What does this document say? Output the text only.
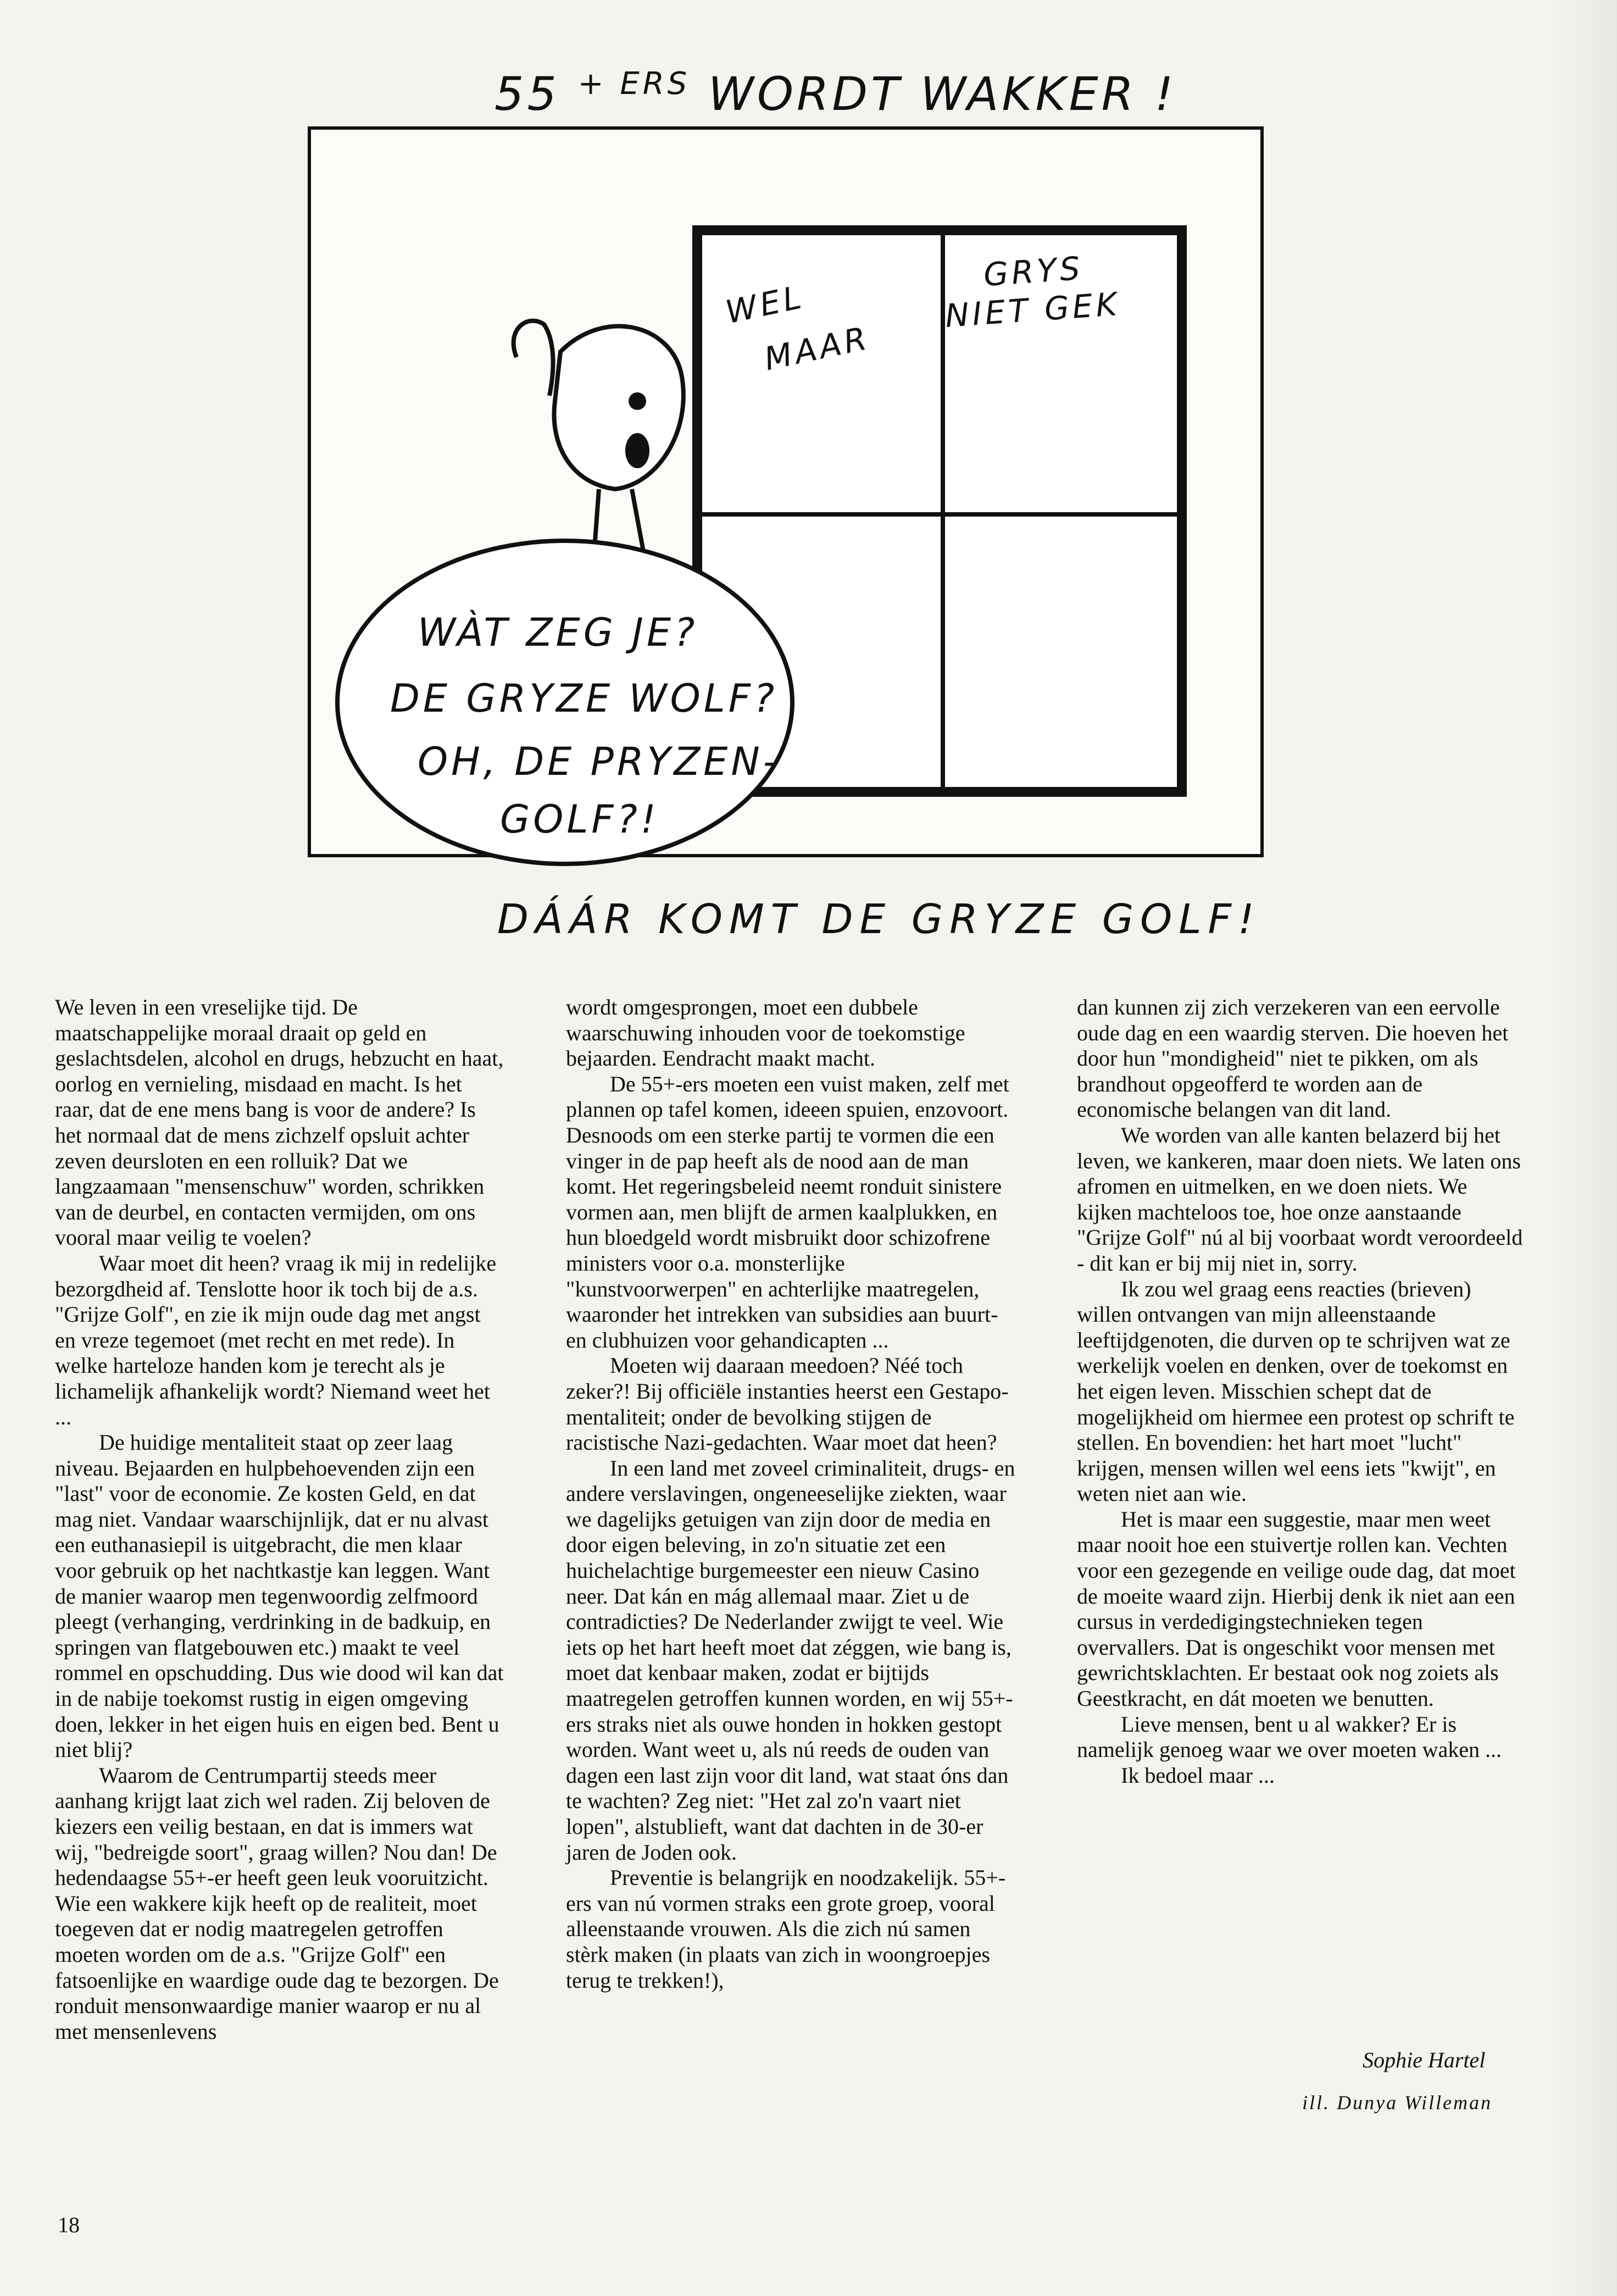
55 $^{+ ERS}$ WORDT WAKKER !
WEL
MAAR
GRYS
NIET GEK
WÀT ZEG JE?
DE GRYZE WOLF?
OH, DE PRYZEN-
GOLF?!
DÁÁR KOMT DE GRYZE GOLF!

We leven in een vreselijke tijd. De maatschappelijke moraal draait op geld en geslachtsdelen, alcohol en drugs, hebzucht en haat, oorlog en vernieling, misdaad en macht. Is het raar, dat de ene mens bang is voor de andere? Is het normaal dat de mens zichzelf opsluit achter zeven deursloten en een rolluik? Dat we langzaamaan "mensenschuw" worden, schrikken van de deurbel, en contacten vermijden, om ons vooral maar veilig te voelen?

Waar moet dit heen? vraag ik mij in redelijke bezorgdheid af. Tenslotte hoor ik toch bij de a.s. "Grijze Golf", en zie ik mijn oude dag met angst en vreze tegemoet (met recht en met rede). In welke harteloze handen kom je terecht als je lichamelijk afhankelijk wordt? Niemand weet het ...

De huidige mentaliteit staat op zeer laag niveau. Bejaarden en hulpbehoevenden zijn een "last" voor de economie. Ze kosten Geld, en dat mag niet. Vandaar waarschijnlijk, dat er nu alvast een euthanasiepil is uitgebracht, die men klaar voor gebruik op het nachtkastje kan leggen. Want de manier waarop men tegenwoordig zelfmoord pleegt (verhanging, verdrinking in de badkuip, en springen van flatgebouwen etc.) maakt te veel rommel en opschudding. Dus wie dood wil kan dat in de nabije toekomst rustig in eigen omgeving doen, lekker in het eigen huis en eigen bed. Bent u niet blij?

Waarom de Centrumpartij steeds meer aanhang krijgt laat zich wel raden. Zij beloven de kiezers een veilig bestaan, en dat is immers wat wij, "bedreigde soort", graag willen? Nou dan! De hedendaagse 55+-er heeft geen leuk vooruitzicht. Wie een wakkere kijk heeft op de realiteit, moet toegeven dat er nodig maatregelen getroffen moeten worden om de a.s. "Grijze Golf" een fatsoenlijke en waardige oude dag te bezorgen. De ronduit mensonwaardige manier waarop er nu al met mensenlevens

wordt omgesprongen, moet een dubbele waarschuwing inhouden voor de toekomstige bejaarden. Eendracht maakt macht.

De 55+-ers moeten een vuist maken, zelf met plannen op tafel komen, ideeen spuien, enzovoort. Desnoods om een sterke partij te vormen die een vinger in de pap heeft als de nood aan de man komt. Het regeringsbeleid neemt ronduit sinistere vormen aan, men blijft de armen kaalplukken, en hun bloedgeld wordt misbruikt door schizofrene ministers voor o.a. monsterlijke "kunstvoorwerpen" en achterlijke maatregelen, waaronder het intrekken van subsidies aan buurt- en clubhuizen voor gehandicapten ...

Moeten wij daaraan meedoen? Néé toch zeker?! Bij officiële instanties heerst een Gestapo-mentaliteit; onder de bevolking stijgen de racistische Nazi-gedachten. Waar moet dat heen?

In een land met zoveel criminaliteit, drugs- en andere verslavingen, ongeneeselijke ziekten, waar we dagelijks getuigen van zijn door de media en door eigen beleving, in zo'n situatie zet een huichelachtige burgemeester een nieuw Casino neer. Dat kán en mág allemaal maar. Ziet u de contradicties? De Nederlander zwijgt te veel. Wie iets op het hart heeft moet dat zéggen, wie bang is, moet dat kenbaar maken, zodat er bijtijds maatregelen getroffen kunnen worden, en wij 55+-ers straks niet als ouwe honden in hokken gestopt worden. Want weet u, als nú reeds de ouden van dagen een last zijn voor dit land, wat staat óns dan te wachten? Zeg niet: "Het zal zo'n vaart niet lopen", alstublieft, want dat dachten in de 30-er jaren de Joden ook.

Preventie is belangrijk en noodzakelijk. 55+-ers van nú vormen straks een grote groep, vooral alleenstaande vrouwen. Als die zich nú samen stèrk maken (in plaats van zich in woongroepjes terug te trekken!),

dan kunnen zij zich verzekeren van een eervolle oude dag en een waardig sterven. Die hoeven het door hun "mondigheid" niet te pikken, om als brandhout opgeofferd te worden aan de economische belangen van dit land.

We worden van alle kanten belazerd bij het leven, we kankeren, maar doen niets. We laten ons afromen en uitmelken, en we doen niets. We kijken machteloos toe, hoe onze aanstaande "Grijze Golf" nú al bij voorbaat wordt veroordeeld - dit kan er bij mij niet in, sorry.

Ik zou wel graag eens reacties (brieven) willen ontvangen van mijn alleenstaande leeftijdgenoten, die durven op te schrijven wat ze werkelijk voelen en denken, over de toekomst en het eigen leven. Misschien schept dat de mogelijkheid om hiermee een protest op schrift te stellen. En bovendien: het hart moet "lucht" krijgen, mensen willen wel eens iets "kwijt", en weten niet aan wie.

Het is maar een suggestie, maar men weet maar nooit hoe een stuivertje rollen kan. Vechten voor een gezegende en veilige oude dag, dat moet de moeite waard zijn. Hierbij denk ik niet aan een cursus in verdedigingstechnieken tegen overvallers. Dat is ongeschikt voor mensen met gewrichtsklachten. Er bestaat ook nog zoiets als Geestkracht, en dát moeten we benutten.

Lieve mensen, bent u al wakker? Er is namelijk genoeg waar we over moeten waken ...

Ik bedoel maar ...

Sophie Hartel
ill. Dunya Willeman
18
